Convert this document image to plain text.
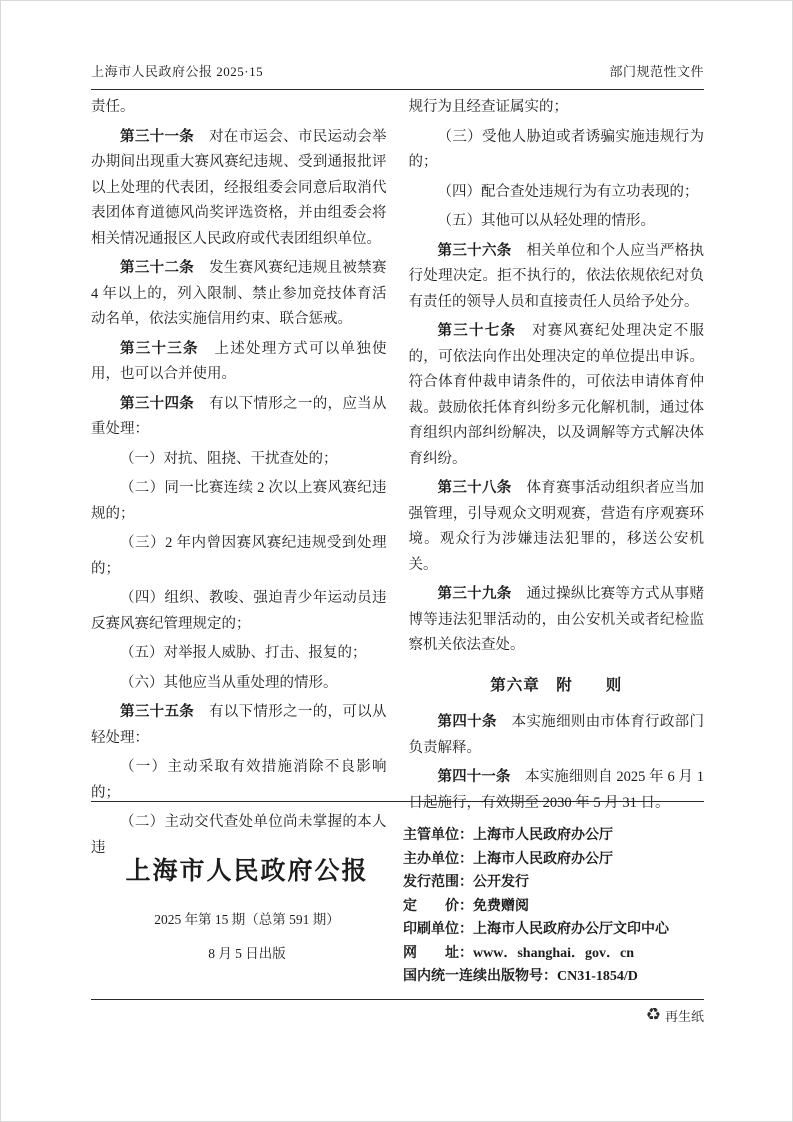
上海市人民政府公报 2025·15	部门规范性文件

责任。

第三十一条　对在市运会、市民运动会举办期间出现重大赛风赛纪违规、受到通报批评以上处理的代表团，经报组委会同意后取消代表团体育道德风尚奖评选资格，并由组委会将相关情况通报区人民政府或代表团组织单位。

第三十二条　发生赛风赛纪违规且被禁赛 4 年以上的，列入限制、禁止参加竞技体育活动名单，依法实施信用约束、联合惩戒。

第三十三条　上述处理方式可以单独使用，也可以合并使用。

第三十四条　有以下情形之一的，应当从重处理：

（一）对抗、阻挠、干扰查处的；

（二）同一比赛连续 2 次以上赛风赛纪违规的；

（三）2 年内曾因赛风赛纪违规受到处理的；

（四）组织、教唆、强迫青少年运动员违反赛风赛纪管理规定的；

（五）对举报人威胁、打击、报复的；

（六）其他应当从重处理的情形。

第三十五条　有以下情形之一的，可以从轻处理：

（一）主动采取有效措施消除不良影响的；

（二）主动交代查处单位尚未掌握的本人违

规行为且经查证属实的；

（三）受他人胁迫或者诱骗实施违规行为的；

（四）配合查处违规行为有立功表现的；

（五）其他可以从轻处理的情形。

第三十六条　相关单位和个人应当严格执行处理决定。拒不执行的，依法依规依纪对负有责任的领导人员和直接责任人员给予处分。

第三十七条　对赛风赛纪处理决定不服的，可依法向作出处理决定的单位提出申诉。符合体育仲裁申请条件的，可依法申请体育仲裁。鼓励依托体育纠纷多元化解机制，通过体育组织内部纠纷解决，以及调解等方式解决体育纠纷。

第三十八条　体育赛事活动组织者应当加强管理，引导观众文明观赛，营造有序观赛环境。观众行为涉嫌违法犯罪的，移送公安机关。

第三十九条　通过操纵比赛等方式从事赌博等违法犯罪活动的，由公安机关或者纪检监察机关依法查处。

第六章　附　　则

第四十条　本实施细则由市体育行政部门负责解释。

第四十一条　本实施细则自 2025 年 6 月 1 日起施行，有效期至 2030 年 5 月 31 日。

上海市人民政府公报
2025 年第 15 期（总第 591 期）
8 月 5 日出版

主管单位：上海市人民政府办公厅

主办单位：上海市人民政府办公厅

发行范围：公开发行

定　　价：免费赠阅

印刷单位：上海市人民政府办公厅文印中心

网　　址：www．shanghai．gov．cn

国内统一连续出版物号：CN31-1854/D

♻ 再生纸
